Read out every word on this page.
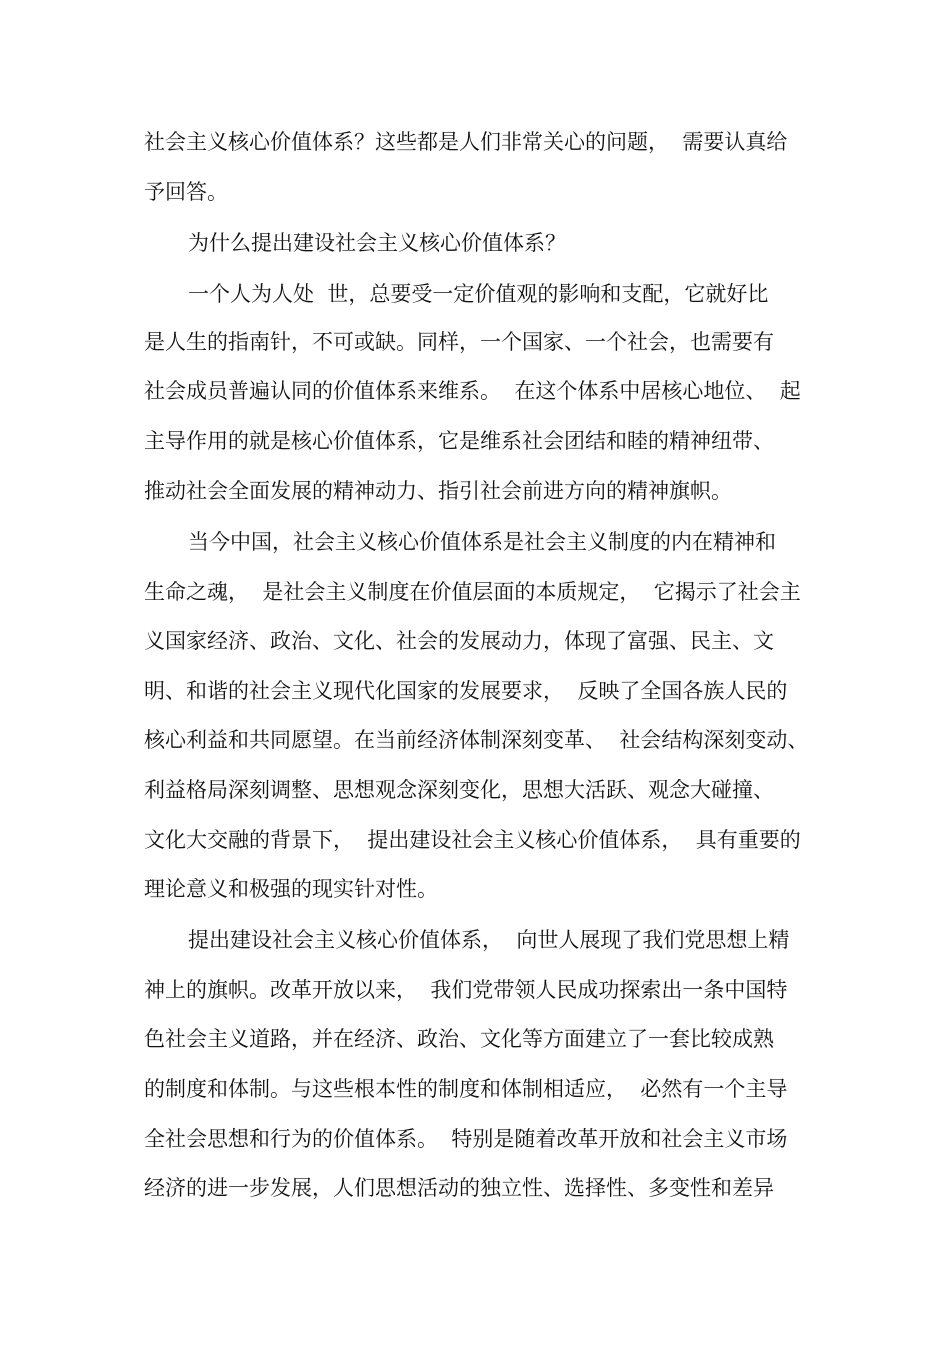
社会主义核心价值体系？这些都是人们非常关心的问题，  需要认真给
予回答。
为什么提出建设社会主义核心价值体系？
一个人为人处  世，总要受一定价值观的影响和支配，它就好比
是人生的指南针，不可或缺。同样，一个国家、一个社会，也需要有
社会成员普遍认同的价值体系来维系。  在这个体系中居核心地位、  起
主导作用的就是核心价值体系，它是维系社会团结和睦的精神纽带、
推动社会全面发展的精神动力、指引社会前进方向的精神旗帜。
当今中国，社会主义核心价值体系是社会主义制度的内在精神和
生命之魂，  是社会主义制度在价值层面的本质规定，  它揭示了社会主
义国家经济、政治、文化、社会的发展动力，体现了富强、民主、文
明、和谐的社会主义现代化国家的发展要求，  反映了全国各族人民的
核心利益和共同愿望。在当前经济体制深刻变革、  社会结构深刻变动、
利益格局深刻调整、思想观念深刻变化，思想大活跃、观念大碰撞、
文化大交融的背景下，  提出建设社会主义核心价值体系，  具有重要的
理论意义和极强的现实针对性。
提出建设社会主义核心价值体系，  向世人展现了我们党思想上精
神上的旗帜。改革开放以来，  我们党带领人民成功探索出一条中国特
色社会主义道路，并在经济、政治、文化等方面建立了一套比较成熟
的制度和体制。与这些根本性的制度和体制相适应，  必然有一个主导
全社会思想和行为的价值体系。  特别是随着改革开放和社会主义市场
经济的进一步发展，人们思想活动的独立性、选择性、多变性和差异
